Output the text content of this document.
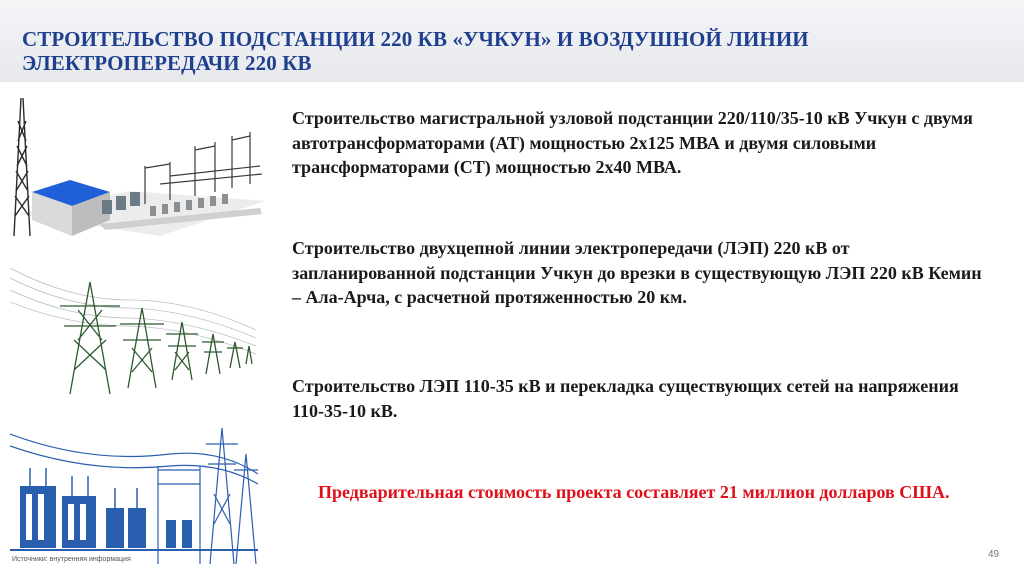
СТРОИТЕЛЬСТВО ПОДСТАНЦИИ 220 КВ «УЧКУН» И ВОЗДУШНОЙ ЛИНИИ ЭЛЕКТРОПЕРЕДАЧИ 220 КВ
Строительство магистральной узловой подстанции 220/110/35-10 кВ Учкун с двумя автотрансформаторами (АТ) мощностью 2х125 МВА и двумя силовыми трансформаторами (СТ) мощностью 2х40 МВА.
Строительство двухцепной линии электропередачи (ЛЭП) 220 кВ от запланированной подстанции Учкун до врезки в существующую ЛЭП 220 кВ Кемин – Ала-Арча, с расчетной протяженностью 20 км.
Строительство ЛЭП 110-35 кВ и перекладка существующих сетей на напряжения 110-35-10 кВ.
Предварительная стоимость проекта составляет 21 миллион долларов США.
Источники: внутренняя информация	49
